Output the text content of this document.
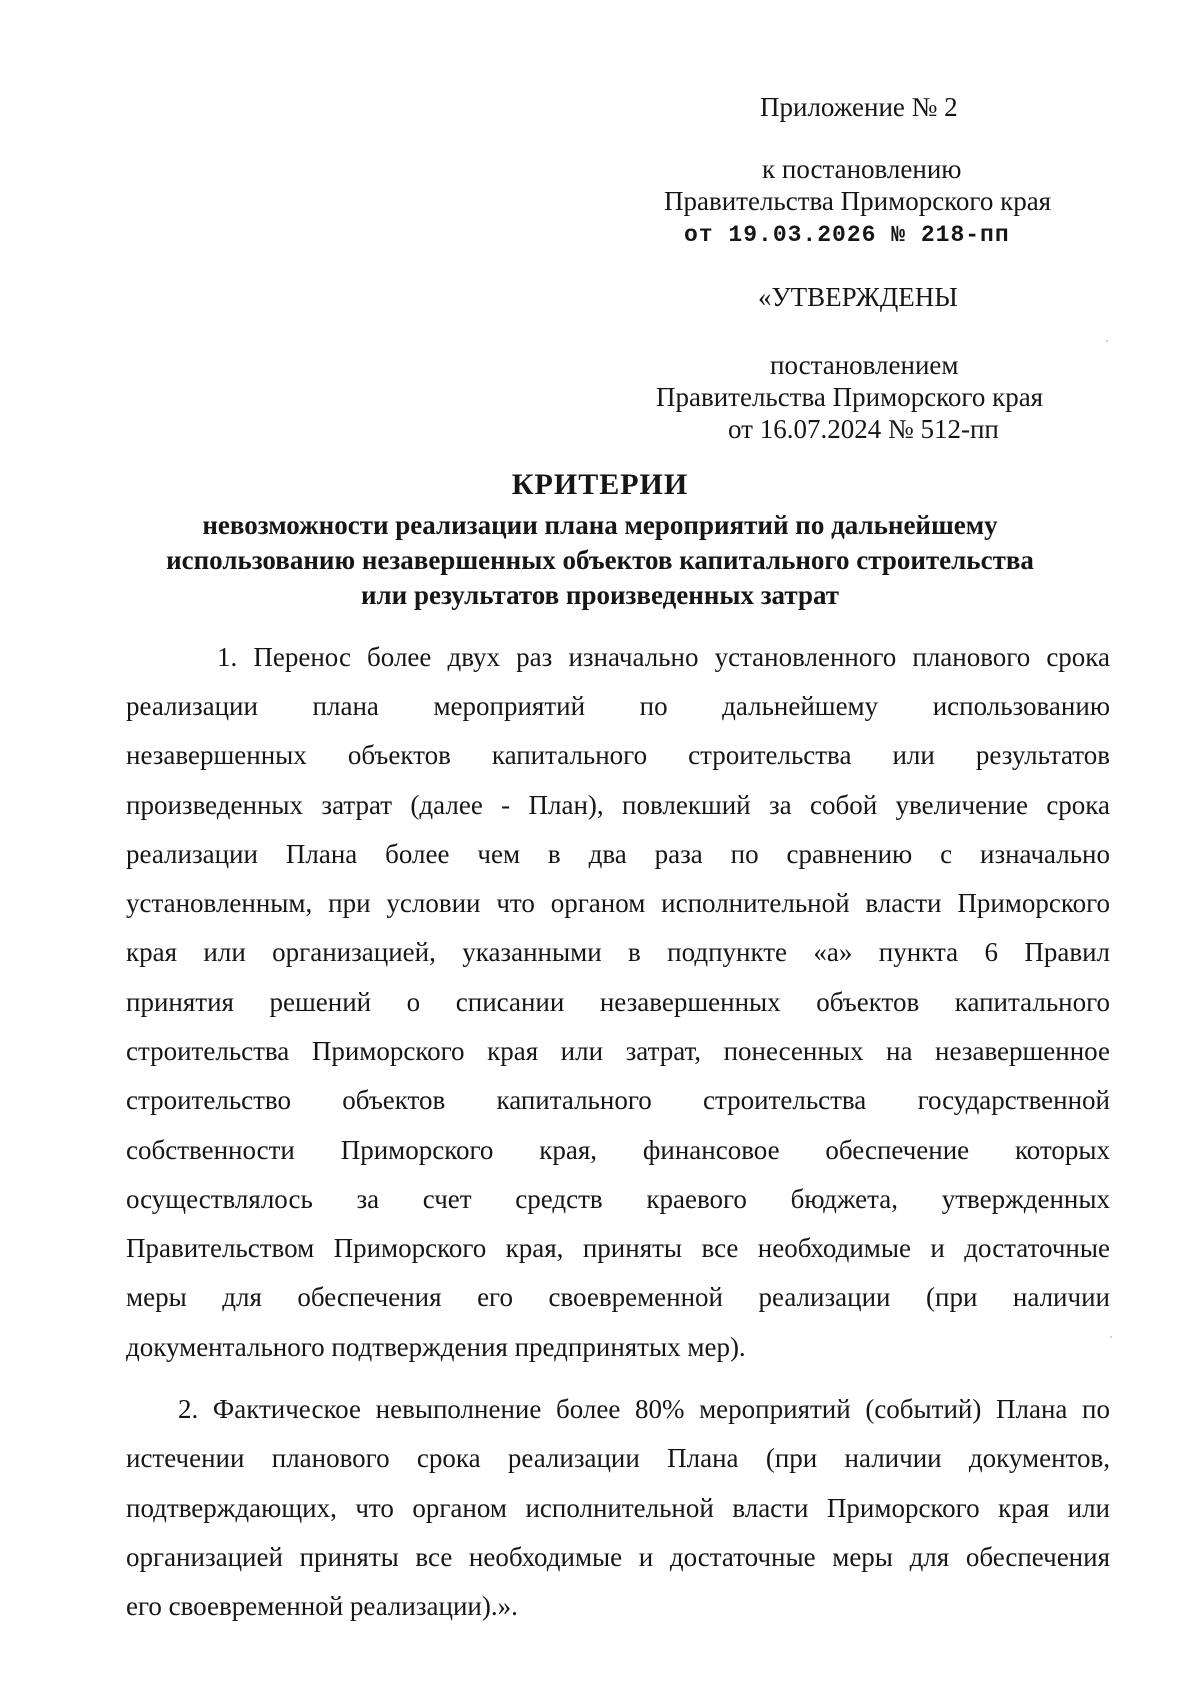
Приложение № 2
к постановлению
Правительства Приморского края
от 19.03.2026 № 218-пп
«УТВЕРЖДЕНЫ
постановлением
Правительства Приморского края
от 16.07.2024 № 512-пп
КРИТЕРИИ
невозможности реализации плана мероприятий по дальнейшему
использованию незавершенных объектов капитального строительства
или результатов произведенных затрат
1. Перенос более двух раз изначально установленного планового срока
реализации плана мероприятий по дальнейшему использованию
незавершенных объектов капитального строительства или результатов
произведенных затрат (далее - План), повлекший за собой увеличение срока
реализации Плана более чем в два раза по сравнению с изначально
установленным, при условии что органом исполнительной власти Приморского
края или организацией, указанными в подпункте «а» пункта 6 Правил
принятия решений о списании незавершенных объектов капитального
строительства Приморского края или затрат, понесенных на незавершенное
строительство объектов капитального строительства государственной
собственности Приморского края, финансовое обеспечение которых
осуществлялось за счет средств краевого бюджета, утвержденных
Правительством Приморского края, приняты все необходимые и достаточные
меры для обеспечения его своевременной реализации (при наличии
документального подтверждения предпринятых мер).
2. Фактическое невыполнение более 80% мероприятий (событий) Плана по
истечении планового срока реализации Плана (при наличии документов,
подтверждающих, что органом исполнительной власти Приморского края или
организацией приняты все необходимые и достаточные меры для обеспечения
его своевременной реализации).».
